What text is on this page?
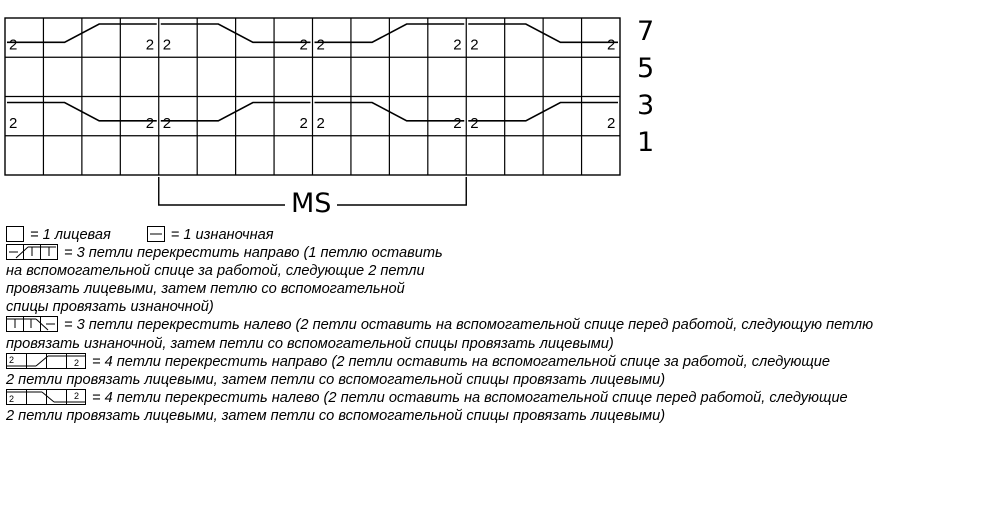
2	2 2	2 2	2 2	2
2	2 2	2 2	2 2	2
7
5
3
1
MS

= 1 лицевая	= 1 изнаночная

= 3 петли перекрестить направо (1 петлю оставить

на вспомогательной спице за работой, следующие 2 петли

провязать лицевыми, затем петлю со вспомогательной

спицы провязать изнаночной)

= 3 петли перекрестить налево (2 петли оставить на вспомогательной спице перед работой, следующую петлю

провязать изнаночной, затем петли со вспомогательной спицы провязать лицевыми)

2	2 = 4 петли перекрестить направо (2 петли оставить на вспомогательной спице за работой, следующие

2 петли провязать лицевыми, затем петли со вспомогательной спицы провязать лицевыми)

2	2 = 4 петли перекрестить налево (2 петли оставить на вспомогательной спице перед работой, следующие

2 петли провязать лицевыми, затем петли со вспомогательной спицы провязать лицевыми)
